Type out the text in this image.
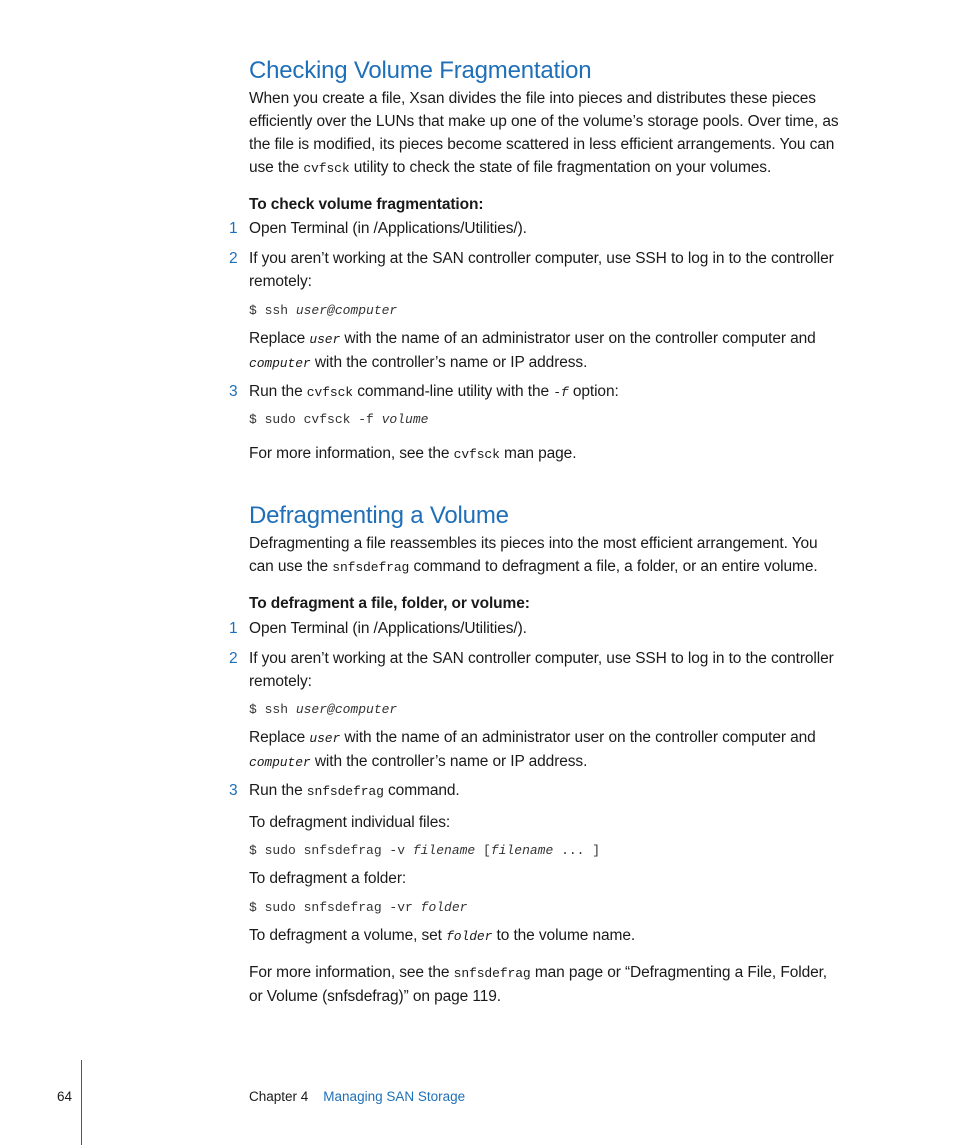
Checking Volume Fragmentation
When you create a file, Xsan divides the file into pieces and distributes these pieces
efficiently over the LUNs that make up one of the volume’s storage pools. Over time, as
the file is modified, its pieces become scattered in less efficient arrangements. You can
use the cvfsck utility to check the state of file fragmentation on your volumes.
To check volume fragmentation:
1 Open Terminal (in /Applications/Utilities/).
2 If you aren’t working at the SAN controller computer, use SSH to log in to the controller
remotely:
$ ssh user@computer
Replace user with the name of an administrator user on the controller computer and
computer with the controller’s name or IP address.
3 Run the cvfsck command-line utility with the -f option:
$ sudo cvfsck -f volume
For more information, see the cvfsck man page.
Defragmenting a Volume
Defragmenting a file reassembles its pieces into the most efficient arrangement. You
can use the snfsdefrag command to defragment a file, a folder, or an entire volume.
To defragment a file, folder, or volume:
1 Open Terminal (in /Applications/Utilities/).
2 If you aren’t working at the SAN controller computer, use SSH to log in to the controller
remotely:
$ ssh user@computer
Replace user with the name of an administrator user on the controller computer and
computer with the controller’s name or IP address.
3 Run the snfsdefrag command.
To defragment individual files:
$ sudo snfsdefrag -v filename [filename ... ]
To defragment a folder:
$ sudo snfsdefrag -vr folder
To defragment a volume, set folder to the volume name.
For more information, see the snfsdefrag man page or “Defragmenting a File, Folder,
or Volume (snfsdefrag)” on page 119.
64	Chapter 4 Managing SAN Storage
